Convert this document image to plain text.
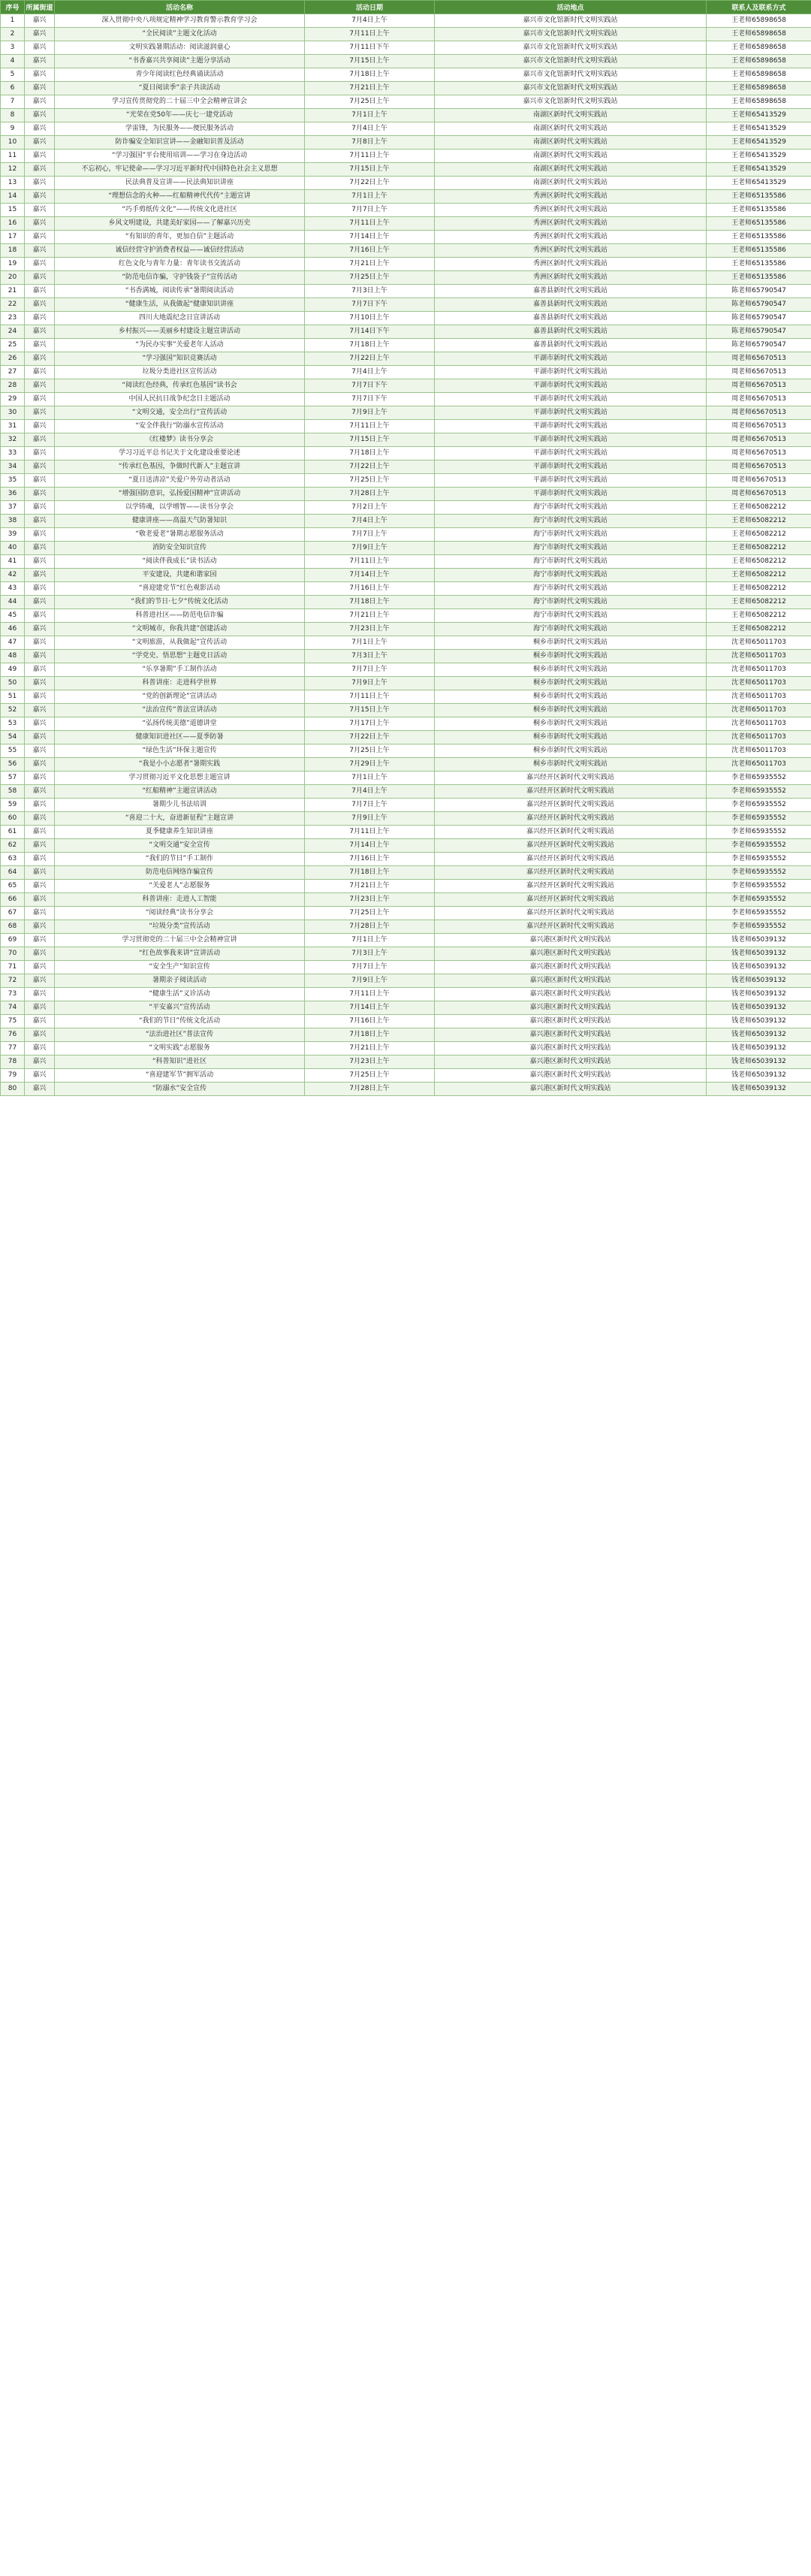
序号	所属街道	活动名称	活动日期	活动地点	联系人及联系方式
1	嘉兴	深入贯彻中央八项规定精神学习教育警示教育学习会	7月4日上午	嘉兴市文化馆新时代文明实践站	王老师65898658
2	嘉兴	“全民阅读”主题文化活动	7月11日上午	嘉兴市文化馆新时代文明实践站	王老师65898658
3	嘉兴	文明实践暑期活动：阅读滋润童心	7月11日下午	嘉兴市文化馆新时代文明实践站	王老师65898658
4	嘉兴	“书香嘉兴共享阅读”主题分享活动	7月15日上午	嘉兴市文化馆新时代文明实践站	王老师65898658
5	嘉兴	青少年阅读红色经典诵读活动	7月18日上午	嘉兴市文化馆新时代文明实践站	王老师65898658
6	嘉兴	“夏日阅读季”亲子共读活动	7月21日上午	嘉兴市文化馆新时代文明实践站	王老师65898658
7	嘉兴	学习宣传贯彻党的二十届三中全会精神宣讲会	7月25日上午	嘉兴市文化馆新时代文明实践站	王老师65898658
8	嘉兴	“光荣在党50年——庆七一建党活动	7月1日上午	南湖区新时代文明实践站	王老师65413529
9	嘉兴	学雷锋，为民服务——便民服务活动	7月4日上午	南湖区新时代文明实践站	王老师65413529
10	嘉兴	防诈骗安全知识宣讲——金融知识普及活动	7月8日上午	南湖区新时代文明实践站	王老师65413529
11	嘉兴	“学习强国”平台使用培训——学习在身边活动	7月11日上午	南湖区新时代文明实践站	王老师65413529
12	嘉兴	不忘初心，牢记使命——学习习近平新时代中国特色社会主义思想	7月15日上午	南湖区新时代文明实践站	王老师65413529
13	嘉兴	民法典普及宣讲——民法典知识讲座	7月22日上午	南湖区新时代文明实践站	王老师65413529
14	嘉兴	“理想信念的火种——红船精神代代传”主题宣讲	7月1日上午	秀洲区新时代文明实践站	王老师65135586
15	嘉兴	“巧手剪纸传文化”——传统文化进社区	7月7日上午	秀洲区新时代文明实践站	王老师65135586
16	嘉兴	乡风文明建设，共建美好家园——了解嘉兴历史	7月11日上午	秀洲区新时代文明实践站	王老师65135586
17	嘉兴	“有知识的青年，更加自信”主题活动	7月14日上午	秀洲区新时代文明实践站	王老师65135586
18	嘉兴	诚信经营守护消费者权益——诚信经营活动	7月16日上午	秀洲区新时代文明实践站	王老师65135586
19	嘉兴	红色文化与青年力量：青年读书交流活动	7月21日上午	秀洲区新时代文明实践站	王老师65135586
20	嘉兴	“防范电信诈骗，守护钱袋子”宣传活动	7月25日上午	秀洲区新时代文明实践站	王老师65135586
21	嘉兴	“书香满城，阅读传承”暑期阅读活动	7月3日上午	嘉善县新时代文明实践站	陈老师65790547
22	嘉兴	“健康生活，从我做起”健康知识讲座	7月7日下午	嘉善县新时代文明实践站	陈老师65790547
23	嘉兴	四川大地震纪念日宣讲活动	7月10日上午	嘉善县新时代文明实践站	陈老师65790547
24	嘉兴	乡村振兴——美丽乡村建设主题宣讲活动	7月14日下午	嘉善县新时代文明实践站	陈老师65790547
25	嘉兴	“为民办实事”关爱老年人活动	7月18日上午	嘉善县新时代文明实践站	陈老师65790547
26	嘉兴	“学习强国”知识竞赛活动	7月22日上午	平湖市新时代文明实践站	周老师65670513
27	嘉兴	垃圾分类进社区宣传活动	7月4日上午	平湖市新时代文明实践站	周老师65670513
28	嘉兴	“阅读红色经典，传承红色基因”读书会	7月7日下午	平湖市新时代文明实践站	周老师65670513
29	嘉兴	中国人民抗日战争纪念日主题活动	7月7日下午	平湖市新时代文明实践站	周老师65670513
30	嘉兴	“文明交通，安全出行”宣传活动	7月9日上午	平湖市新时代文明实践站	周老师65670513
31	嘉兴	“安全伴我行”防溺水宣传活动	7月11日上午	平湖市新时代文明实践站	周老师65670513
32	嘉兴	《红楼梦》读书分享会	7月15日上午	平湖市新时代文明实践站	周老师65670513
33	嘉兴	学习习近平总书记关于文化建设重要论述	7月18日上午	平湖市新时代文明实践站	周老师65670513
34	嘉兴	“传承红色基因，争做时代新人”主题宣讲	7月22日上午	平湖市新时代文明实践站	周老师65670513
35	嘉兴	“夏日送清凉”关爱户外劳动者活动	7月25日上午	平湖市新时代文明实践站	周老师65670513
36	嘉兴	“增强国防意识，弘扬爱国精神”宣讲活动	7月28日上午	平湖市新时代文明实践站	周老师65670513
37	嘉兴	以学铸魂，以学增智——读书分享会	7月2日上午	海宁市新时代文明实践站	王老师65082212
38	嘉兴	健康讲座——高温天气防暑知识	7月4日上午	海宁市新时代文明实践站	王老师65082212
39	嘉兴	“敬老爱老”暑期志愿服务活动	7月7日上午	海宁市新时代文明实践站	王老师65082212
40	嘉兴	消防安全知识宣传	7月9日上午	海宁市新时代文明实践站	王老师65082212
41	嘉兴	“阅读伴我成长”读书活动	7月11日上午	海宁市新时代文明实践站	王老师65082212
42	嘉兴	平安建设，共建和谐家园	7月14日上午	海宁市新时代文明实践站	王老师65082212
43	嘉兴	“喜迎建党节”红色观影活动	7月16日上午	海宁市新时代文明实践站	王老师65082212
44	嘉兴	“我们的节日·七夕”传统文化活动	7月18日上午	海宁市新时代文明实践站	王老师65082212
45	嘉兴	科普进社区——防范电信诈骗	7月21日上午	海宁市新时代文明实践站	王老师65082212
46	嘉兴	“文明城市，你我共建”创建活动	7月23日上午	海宁市新时代文明实践站	王老师65082212
47	嘉兴	“文明旅游，从我做起”宣传活动	7月1日上午	桐乡市新时代文明实践站	沈老师65011703
48	嘉兴	“学党史、悟思想”主题党日活动	7月3日上午	桐乡市新时代文明实践站	沈老师65011703
49	嘉兴	“乐享暑期”手工制作活动	7月7日上午	桐乡市新时代文明实践站	沈老师65011703
50	嘉兴	科普讲座：走进科学世界	7月9日上午	桐乡市新时代文明实践站	沈老师65011703
51	嘉兴	“党的创新理论”宣讲活动	7月11日上午	桐乡市新时代文明实践站	沈老师65011703
52	嘉兴	“法治宣传”普法宣讲活动	7月15日上午	桐乡市新时代文明实践站	沈老师65011703
53	嘉兴	“弘扬传统美德”道德讲堂	7月17日上午	桐乡市新时代文明实践站	沈老师65011703
54	嘉兴	健康知识进社区——夏季防暑	7月22日上午	桐乡市新时代文明实践站	沈老师65011703
55	嘉兴	“绿色生活”环保主题宣传	7月25日上午	桐乡市新时代文明实践站	沈老师65011703
56	嘉兴	“我是小小志愿者”暑期实践	7月29日上午	桐乡市新时代文明实践站	沈老师65011703
57	嘉兴	学习贯彻习近平文化思想主题宣讲	7月1日上午	嘉兴经开区新时代文明实践站	李老师65935552
58	嘉兴	“红船精神”主题宣讲活动	7月4日上午	嘉兴经开区新时代文明实践站	李老师65935552
59	嘉兴	暑期少儿书法培训	7月7日上午	嘉兴经开区新时代文明实践站	李老师65935552
60	嘉兴	“喜迎二十大，奋进新征程”主题宣讲	7月9日上午	嘉兴经开区新时代文明实践站	李老师65935552
61	嘉兴	夏季健康养生知识讲座	7月11日上午	嘉兴经开区新时代文明实践站	李老师65935552
62	嘉兴	“文明交通”安全宣传	7月14日上午	嘉兴经开区新时代文明实践站	李老师65935552
63	嘉兴	“我们的节日”手工制作	7月16日上午	嘉兴经开区新时代文明实践站	李老师65935552
64	嘉兴	防范电信网络诈骗宣传	7月18日上午	嘉兴经开区新时代文明实践站	李老师65935552
65	嘉兴	“关爱老人”志愿服务	7月21日上午	嘉兴经开区新时代文明实践站	李老师65935552
66	嘉兴	科普讲座：走进人工智能	7月23日上午	嘉兴经开区新时代文明实践站	李老师65935552
67	嘉兴	“阅读经典”读书分享会	7月25日上午	嘉兴经开区新时代文明实践站	李老师65935552
68	嘉兴	“垃圾分类”宣传活动	7月28日上午	嘉兴经开区新时代文明实践站	李老师65935552
69	嘉兴	学习贯彻党的二十届三中全会精神宣讲	7月1日上午	嘉兴港区新时代文明实践站	钱老师65039132
70	嘉兴	“红色故事我来讲”宣讲活动	7月3日上午	嘉兴港区新时代文明实践站	钱老师65039132
71	嘉兴	“安全生产”知识宣传	7月7日上午	嘉兴港区新时代文明实践站	钱老师65039132
72	嘉兴	暑期亲子阅读活动	7月9日上午	嘉兴港区新时代文明实践站	钱老师65039132
73	嘉兴	“健康生活”义诊活动	7月11日上午	嘉兴港区新时代文明实践站	钱老师65039132
74	嘉兴	“平安嘉兴”宣传活动	7月14日上午	嘉兴港区新时代文明实践站	钱老师65039132
75	嘉兴	“我们的节日”传统文化活动	7月16日上午	嘉兴港区新时代文明实践站	钱老师65039132
76	嘉兴	“法治进社区”普法宣传	7月18日上午	嘉兴港区新时代文明实践站	钱老师65039132
77	嘉兴	“文明实践”志愿服务	7月21日上午	嘉兴港区新时代文明实践站	钱老师65039132
78	嘉兴	“科普知识”进社区	7月23日上午	嘉兴港区新时代文明实践站	钱老师65039132
79	嘉兴	“喜迎建军节”拥军活动	7月25日上午	嘉兴港区新时代文明实践站	钱老师65039132
80	嘉兴	“防溺水”安全宣传	7月28日上午	嘉兴港区新时代文明实践站	钱老师65039132
